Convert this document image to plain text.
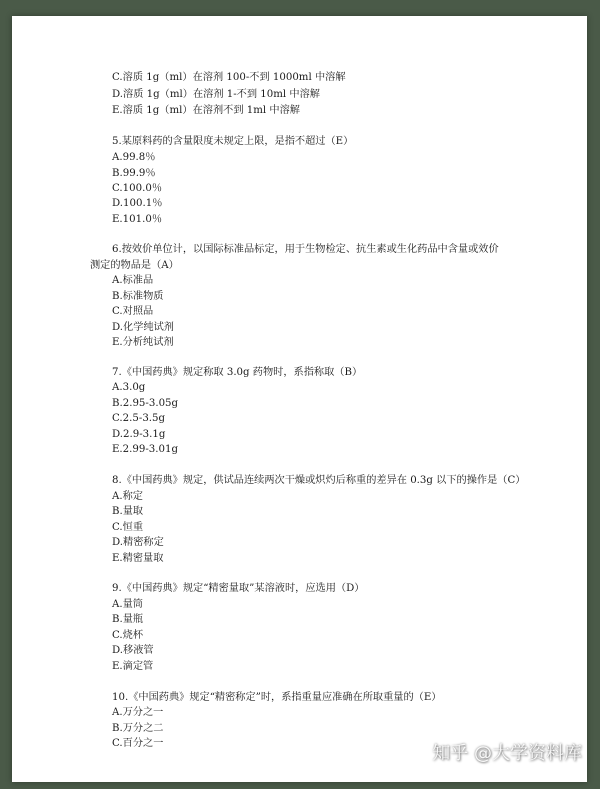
C.溶质 1g（ml）在溶剂 100-不到 1000ml 中溶解
D.溶质 1g（ml）在溶剂 1-不到 10ml 中溶解
E.溶质 1g（ml）在溶剂不到 1ml 中溶解
5.某原料药的含量限度未规定上限，是指不超过（E）
A.99.8％
B.99.9％
C.100.0％
D.100.1％
E.101.0％
6.按效价单位计，以国际标准品标定，用于生物检定、抗生素或生化药品中含量或效价
测定的物品是（A）
A.标准品
B.标准物质
C.对照品
D.化学纯试剂
E.分析纯试剂
7.《中国药典》规定称取 3.0g 药物时，系指称取（B）
A.3.0g
B.2.95-3.05g
C.2.5-3.5g
D.2.9-3.1g
E.2.99-3.01g
8.《中国药典》规定，供试品连续两次干燥或炽灼后称重的差异在 0.3g 以下的操作是（C）
A.称定
B.量取
C.恒重
D.精密称定
E.精密量取
9.《中国药典》规定“精密量取”某溶液时，应选用（D）
A.量筒
B.量瓶
C.烧杯
D.移液管
E.滴定管
10.《中国药典》规定“精密称定”时，系指重量应准确在所取重量的（E）
A.万分之一
B.万分之二
C.百分之一	知乎 @大学资料库
